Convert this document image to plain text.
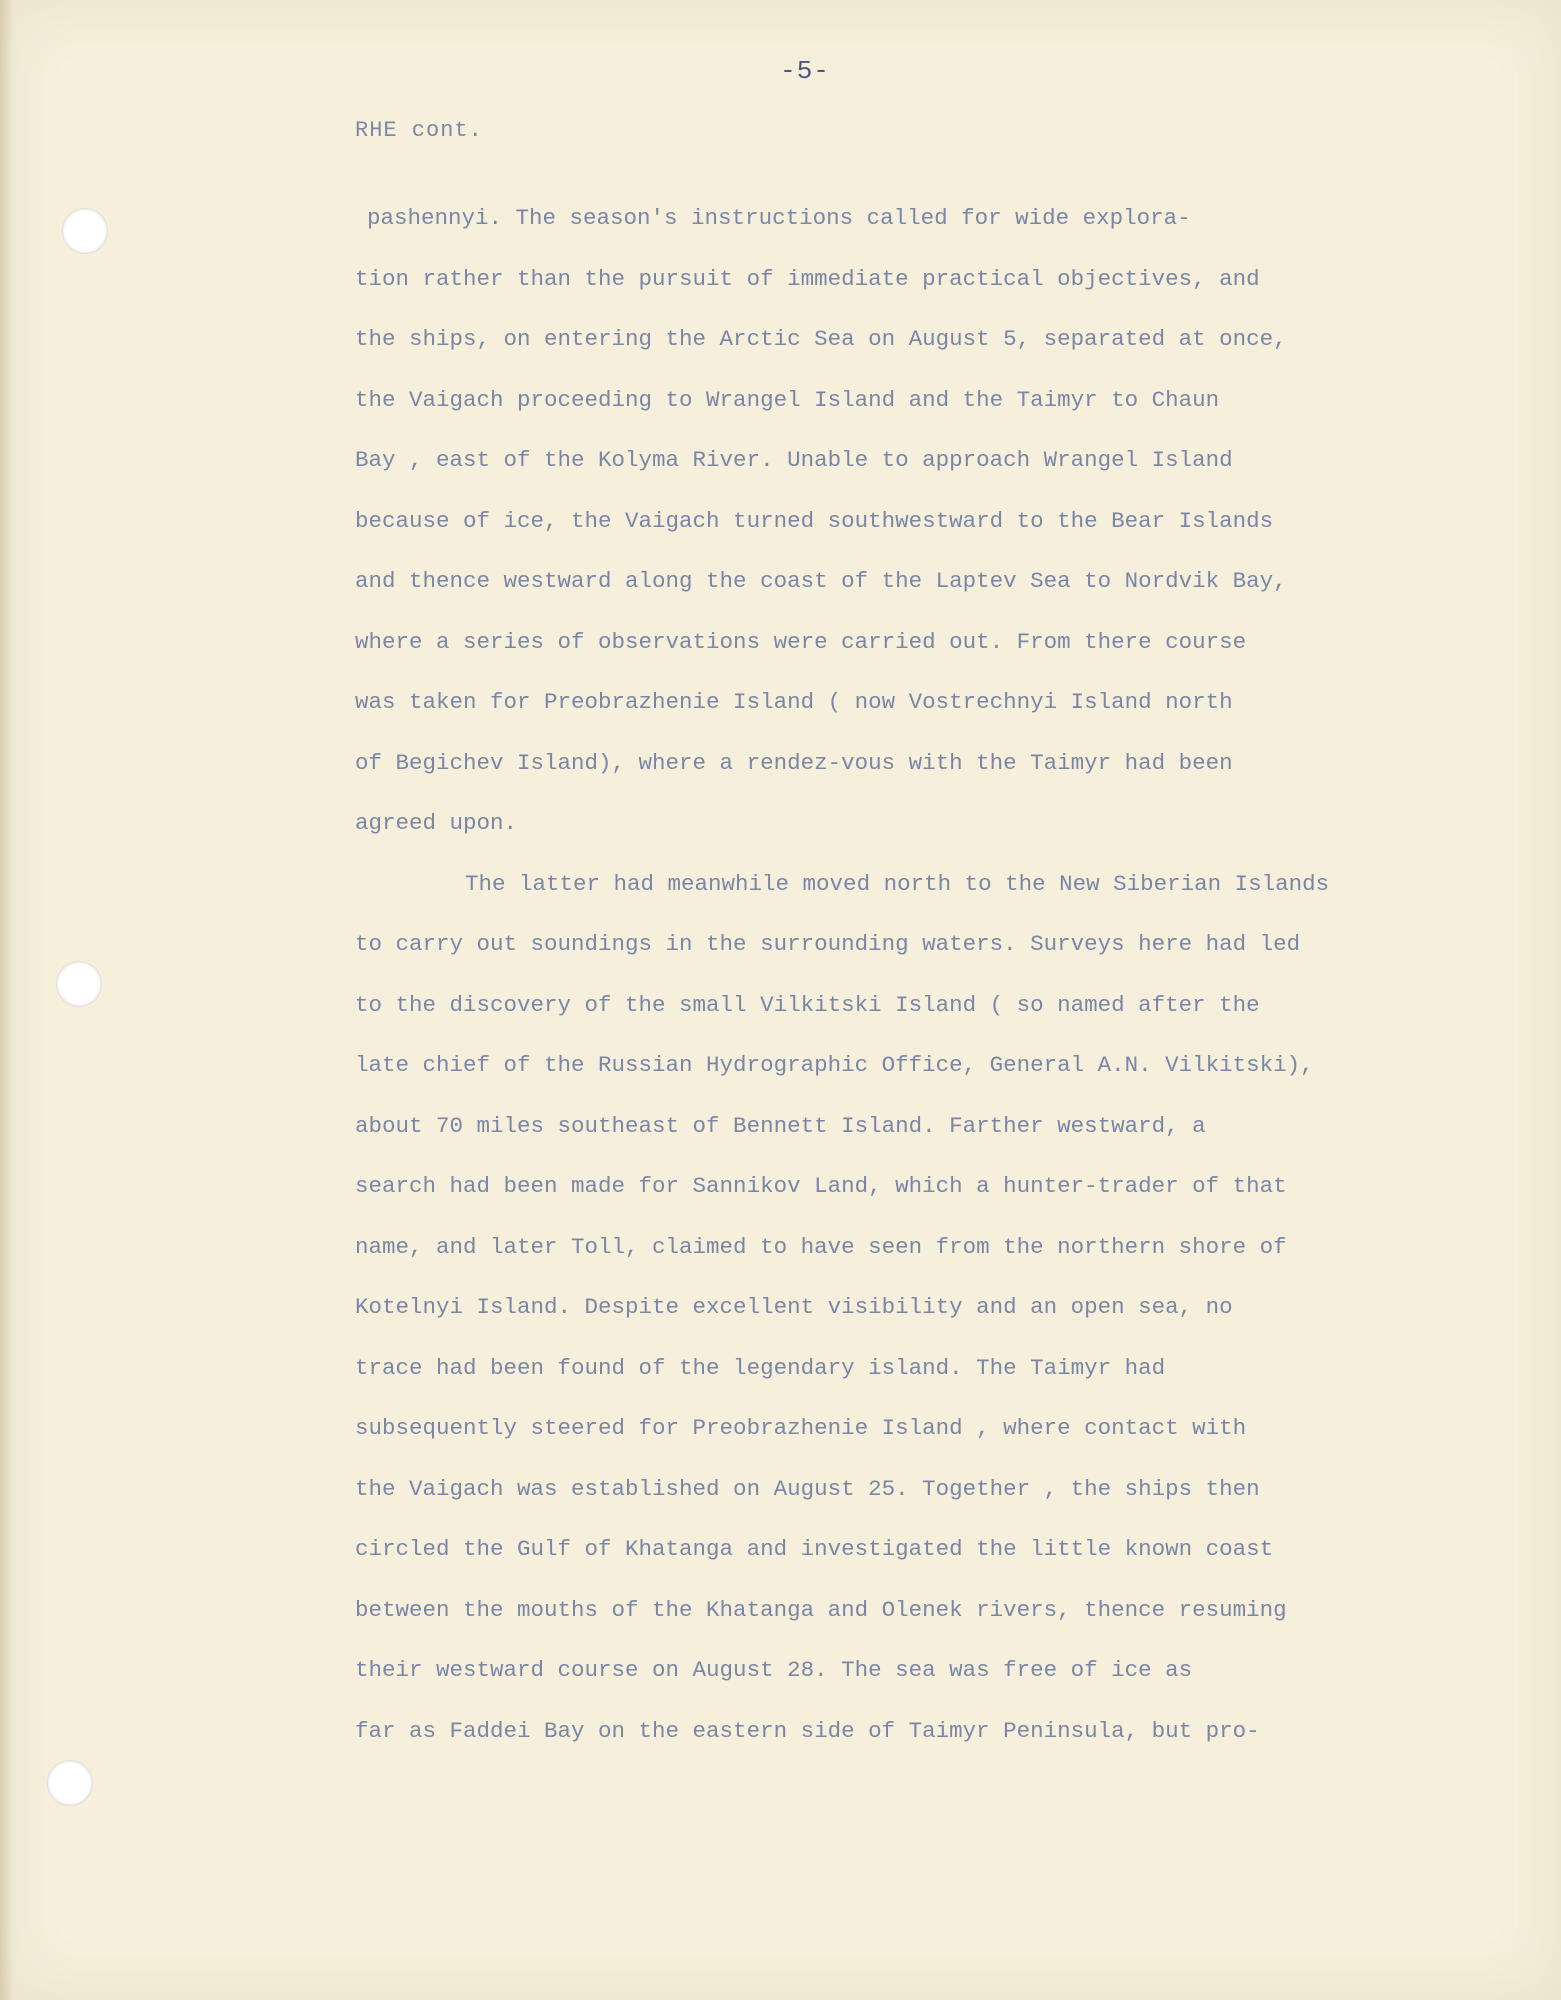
-5-
RHE cont.
pashennyi. The season's instructions called for wide explora-
tion rather than the pursuit of immediate practical objectives, and
the ships, on entering the Arctic Sea on August 5, separated at once,
the Vaigach proceeding to Wrangel Island and the Taimyr to Chaun
Bay , east of the Kolyma River. Unable to approach Wrangel Island
because of ice, the Vaigach turned southwestward to the Bear Islands
and thence westward along the coast of the Laptev Sea to Nordvik Bay,
where a series of observations were carried out. From there course
was taken for Preobrazhenie Island ( now Vostrechnyi Island north
of Begichev Island), where a rendez-vous with the Taimyr had been
agreed upon.
The latter had meanwhile moved north to the New Siberian Islands
to carry out soundings in the surrounding waters. Surveys here had led
to the discovery of the small Vilkitski Island ( so named after the
late chief of the Russian Hydrographic Office, General A.N. Vilkitski),
about 70 miles southeast of Bennett Island. Farther westward, a
search had been made for Sannikov Land, which a hunter-trader of that
name, and later Toll, claimed to have seen from the northern shore of
Kotelnyi Island. Despite excellent visibility and an open sea, no
trace had been found of the legendary island. The Taimyr had
subsequently steered for Preobrazhenie Island , where contact with
the Vaigach was established on August 25. Together , the ships then
circled the Gulf of Khatanga and investigated the little known coast
between the mouths of the Khatanga and Olenek rivers, thence resuming
their westward course on August 28. The sea was free of ice as
far as Faddei Bay on the eastern side of Taimyr Peninsula, but pro-
